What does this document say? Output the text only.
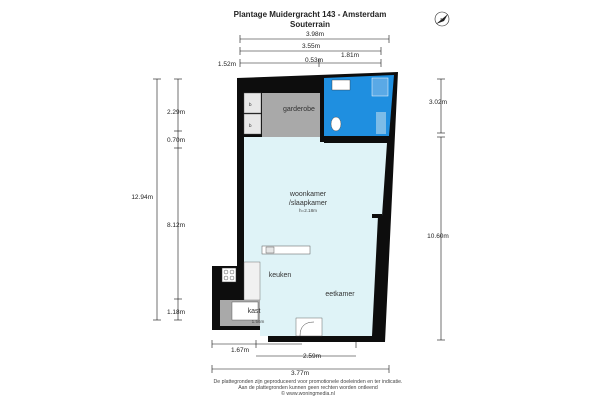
Plantage Muidergracht 143 - Amsterdam
Souterrain
N
3.98m
3.55m
1.52m
0.53m
1.81m
12.94m
2.29m
0.70m
8.12m
1.18m
3.02m
10.60m
1.67m
2.59m
3.77m
b
b
garderobe
woonkamer
/slaapkamer
h=2.18m
keuken
eetkamer
kast
1.56m
De plattegronden zijn geproduceerd voor promotionele doeleinden en ter indicatie.
Aan de plattegronden kunnen geen rechten worden ontleend
© www.woningmedia.nl
